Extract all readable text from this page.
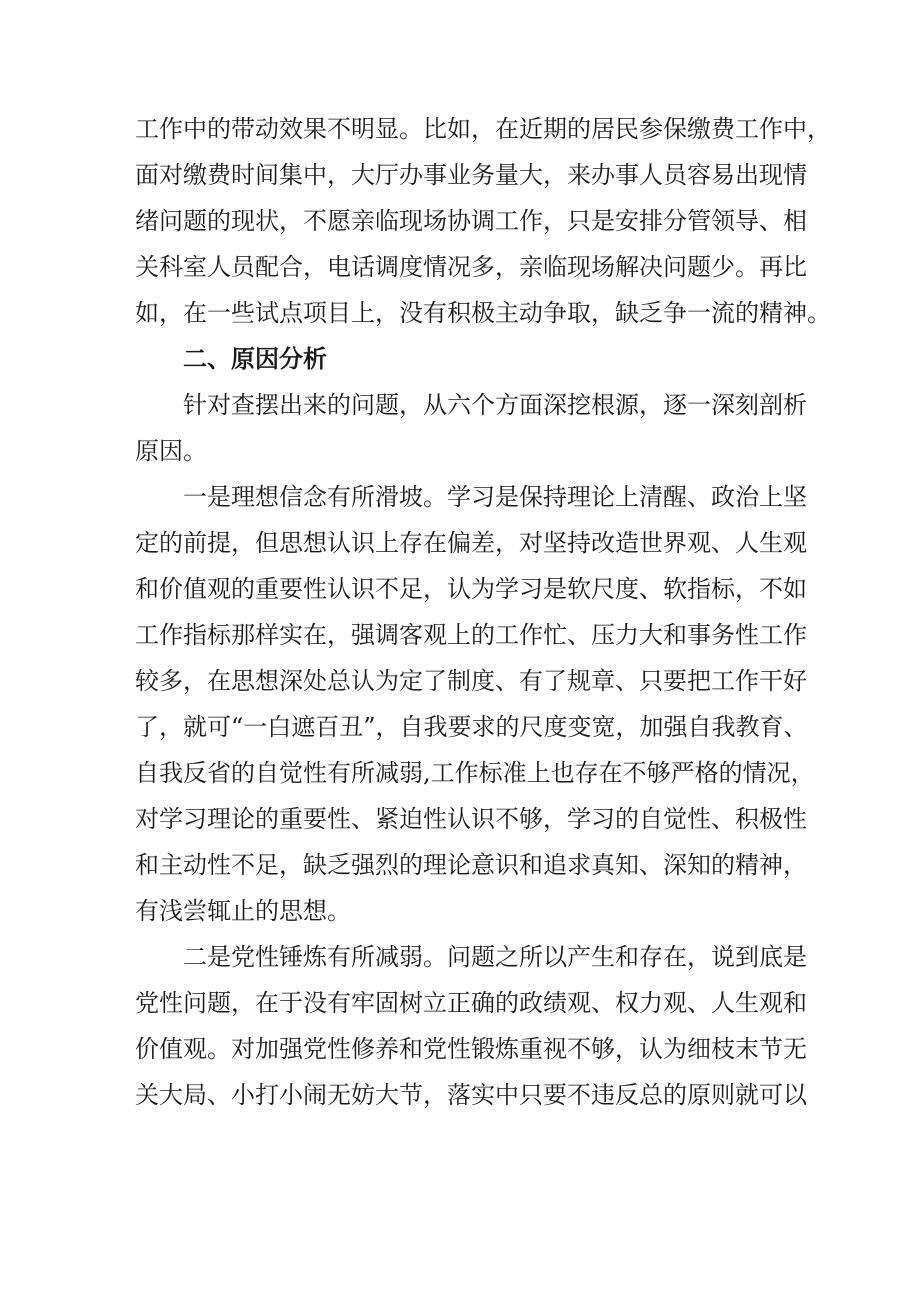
工作中的带动效果不明显。比如，在近期的居民参保缴费工作中，
面对缴费时间集中，大厅办事业务量大，来办事人员容易出现情
绪问题的现状，不愿亲临现场协调工作，只是安排分管领导、相
关科室人员配合，电话调度情况多，亲临现场解决问题少。再比
如，在一些试点项目上，没有积极主动争取，缺乏争一流的精神。
二、原因分析
针对查摆出来的问题，从六个方面深挖根源，逐一深刻剖析
原因。
一是理想信念有所滑坡。学习是保持理论上清醒、政治上坚
定的前提，但思想认识上存在偏差，对坚持改造世界观、人生观
和价值观的重要性认识不足，认为学习是软尺度、软指标，不如
工作指标那样实在，强调客观上的工作忙、压力大和事务性工作
较多，在思想深处总认为定了制度、有了规章、只要把工作干好
了，就可“一白遮百丑”，自我要求的尺度变宽，加强自我教育、
自我反省的自觉性有所减弱,工作标准上也存在不够严格的情况，
对学习理论的重要性、紧迫性认识不够，学习的自觉性、积极性
和主动性不足，缺乏强烈的理论意识和追求真知、深知的精神，
有浅尝辄止的思想。
二是党性锤炼有所减弱。问题之所以产生和存在，说到底是
党性问题，在于没有牢固树立正确的政绩观、权力观、人生观和
价值观。对加强党性修养和党性锻炼重视不够，认为细枝末节无
关大局、小打小闹无妨大节，落实中只要不违反总的原则就可以
